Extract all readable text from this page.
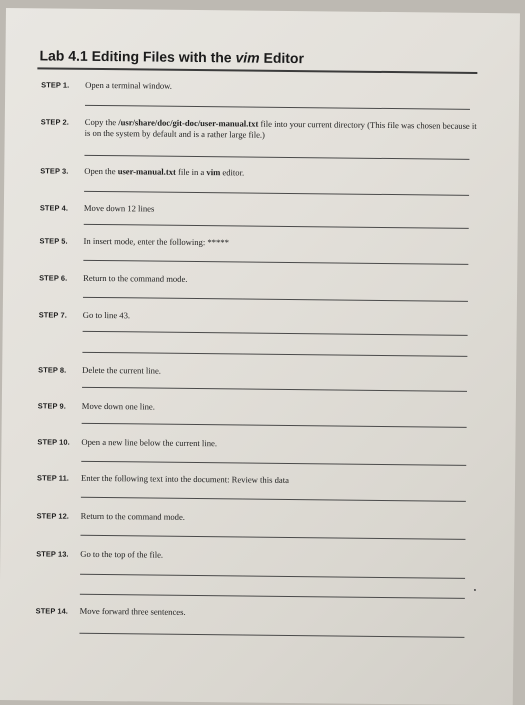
Lab 4.1 Editing Files with the vim Editor
STEP 1. Open a terminal window.
STEP 2. Copy the /usr/share/doc/git-doc/user-manual.txt file into your current directory (This file was chosen because it is on the system by default and is a rather large file.)
STEP 3. Open the user-manual.txt file in a vim editor.
STEP 4. Move down 12 lines
STEP 5. In insert mode, enter the following: *****
STEP 6. Return to the command mode.
STEP 7. Go to line 43.
STEP 8. Delete the current line.
STEP 9. Move down one line.
STEP 10. Open a new line below the current line.
STEP 11. Enter the following text into the document: Review this data
STEP 12. Return to the command mode.
STEP 13. Go to the top of the file.
STEP 14. Move forward three sentences.
